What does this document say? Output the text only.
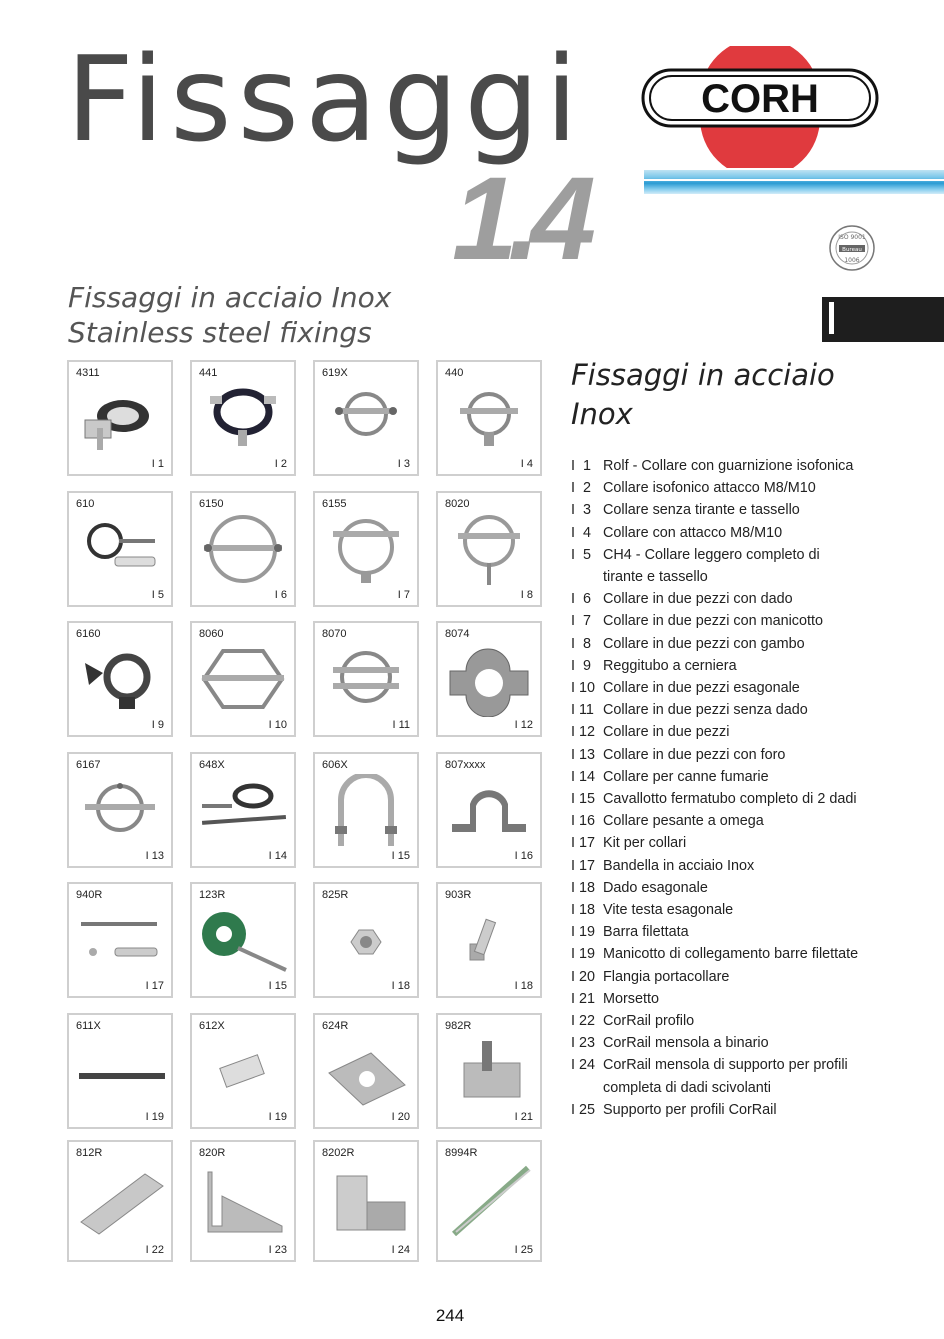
Fissaggi
1.4
CORH
ISO 9001
Bureau
1006
Fissaggi in acciaio Inox
Stainless steel fixings
4311
I 1
441
I 2
619X
I 3
440
I 4
610
I 5
6150
I 6
6155
I 7
8020
I 8
6160
I 9
8060
I 10
8070
I 11
8074
I 12
6167
I 13
648X
I 14
606X
I 15
807xxxx
I 16
940R
I 17
123R
I 15
825R
I 18
903R
I 18
611X
I 19
612X
I 19
624R
I 20
982R
I 21
812R
I 22
820R
I 23
8202R
I 24
8994R
I 25
Fissaggi in acciaio
Inox
I  1 Rolf - Collare con guarnizione isofonica
I  2 Collare isofonico attacco M8/M10
I  3 Collare senza tirante e tassello
I  4 Collare con attacco M8/M10
I  5 CH4 - Collare leggero completo di
tirante e tassello
I  6 Collare in due pezzi con dado
I  7 Collare in due pezzi con manicotto
I  8 Collare in due pezzi con gambo
I  9 Reggitubo a cerniera
I 10 Collare in due pezzi esagonale
I 11 Collare in due pezzi senza dado
I 12 Collare in due pezzi
I 13 Collare in due pezzi con foro
I 14 Collare per canne fumarie
I 15 Cavallotto fermatubo completo di 2 dadi
I 16 Collare pesante a omega
I 17 Kit per collari
I 17 Bandella in acciaio Inox
I 18 Dado esagonale
I 18 Vite testa esagonale
I 19 Barra filettata
I 19 Manicotto di collegamento barre filettate
I 20 Flangia portacollare
I 21 Morsetto
I 22 CorRail profilo
I 23 CorRail mensola a binario
I 24 CorRail mensola di supporto per profili
completa di dadi scivolanti
I 25 Supporto per profili CorRail
244
